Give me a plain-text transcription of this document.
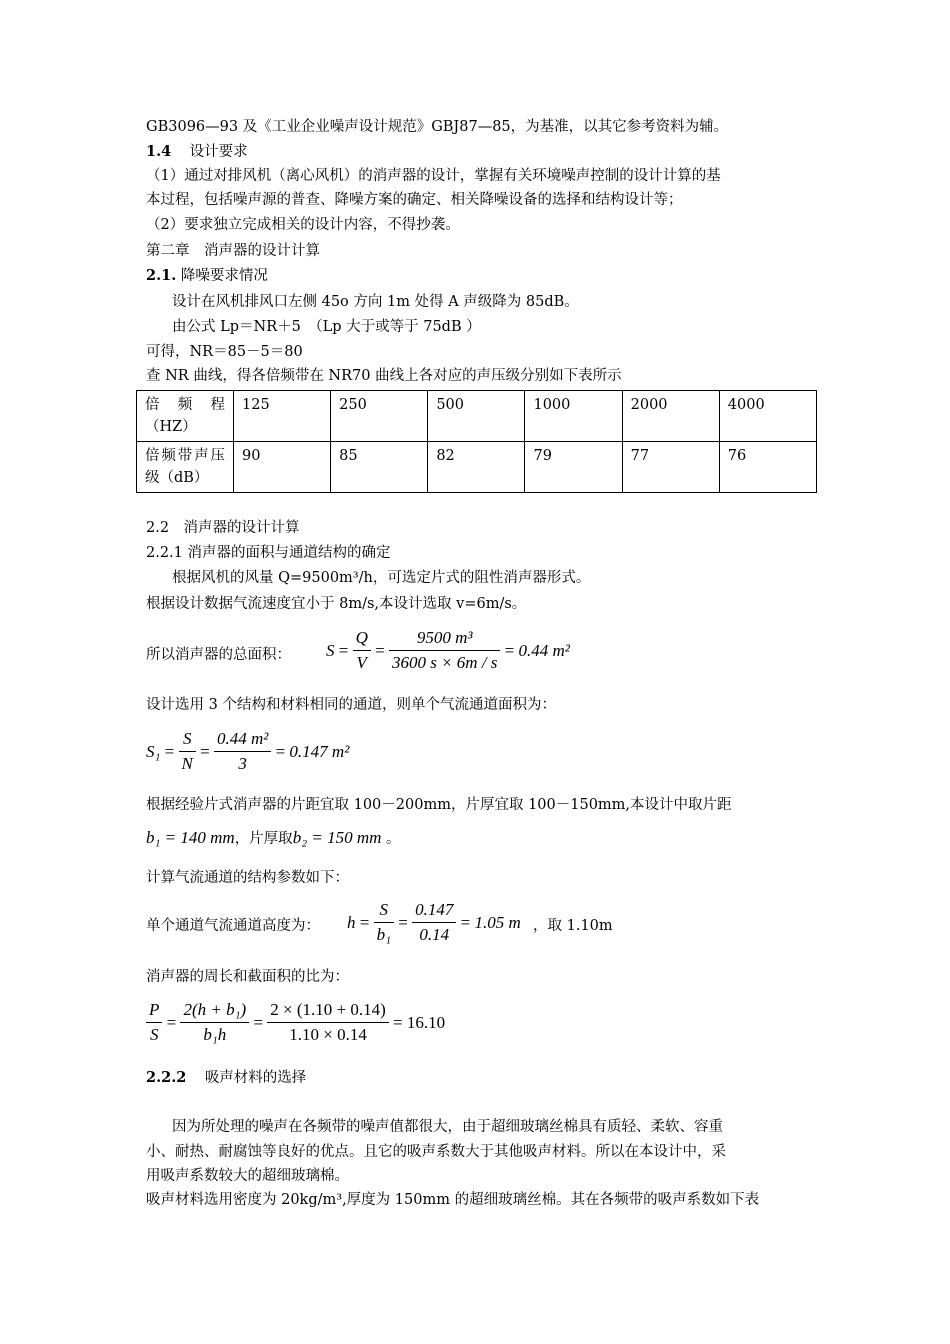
GB3096—93 及《工业企业噪声设计规范》GBJ87—85，为基准，以其它参考资料为辅。
1.4 设计要求
（1）通过对排风机（离心风机）的消声器的设计，掌握有关环境噪声控制的设计计算的基
本过程，包括噪声源的普查、降噪方案的确定、相关降噪设备的选择和结构设计等；
（2）要求独立完成相关的设计内容，不得抄袭。
第二章　消声器的设计计算
2.1. 降噪要求情况
设计在风机排风口左侧 45o 方向 1m 处得 A 声级降为 85dB。
由公式 Lp＝NR＋5　（Lp 大于或等于 75dB ）
可得，NR＝85－5＝80
查 NR 曲线，得各倍频带在 NR70 曲线上各对应的声压级分别如下表所示
倍 频 程（HZ）	125	250	500	1000	2000	4000
倍频带声压级（dB）	90	85	82	79	77	76
2.2　消声器的设计计算
2.2.1 消声器的面积与通道结构的确定
根据风机的风量 Q=9500m³/h，可选定片式的阻性消声器形式。
根据设计数据气流速度宜小于 8m/s,本设计选取 v=6m/s。
所以消声器的总面积： $S = \frac{Q}{V} = \frac{\text{9500 m³}}{3600 s \times 6m / s} = 0.44$ m²
设计选用 3 个结构和材料相同的通道，则单个气流通道面积为：
$S_1 = \frac{S}{N} = \frac{\text{0.44 m²}}{3} = 0.147$ m²
根据经验片式消声器的片距宜取 100－200mm，片厚宜取 100－150mm,本设计中取片距
b₁ = 140 mm，片厚取b₂ = 150 mm 。
计算气流通道的结构参数如下：
单个通道气流通道高度为： $h = \frac{S}{\text{b₁}} = \frac{0.147}{0.14} = 1.05$ m ，取 1.10m
消声器的周长和截面积的比为：
$\frac{P}{S} = \frac{\text{2(h + b₁)}}{\text{b₁h}} = \frac{2 \times (1.10 + 0.14)}{1.10 \times 0.14} = 16.10$
2.2.2 吸声材料的选择
因为所处理的噪声在各频带的噪声值都很大，由于超细玻璃丝棉具有质轻、柔软、容重
小、耐热、耐腐蚀等良好的优点。且它的吸声系数大于其他吸声材料。所以在本设计中，采
用吸声系数较大的超细玻璃棉。
吸声材料选用密度为 20kg/m³,厚度为 150mm 的超细玻璃丝棉。其在各频带的吸声系数如下表
